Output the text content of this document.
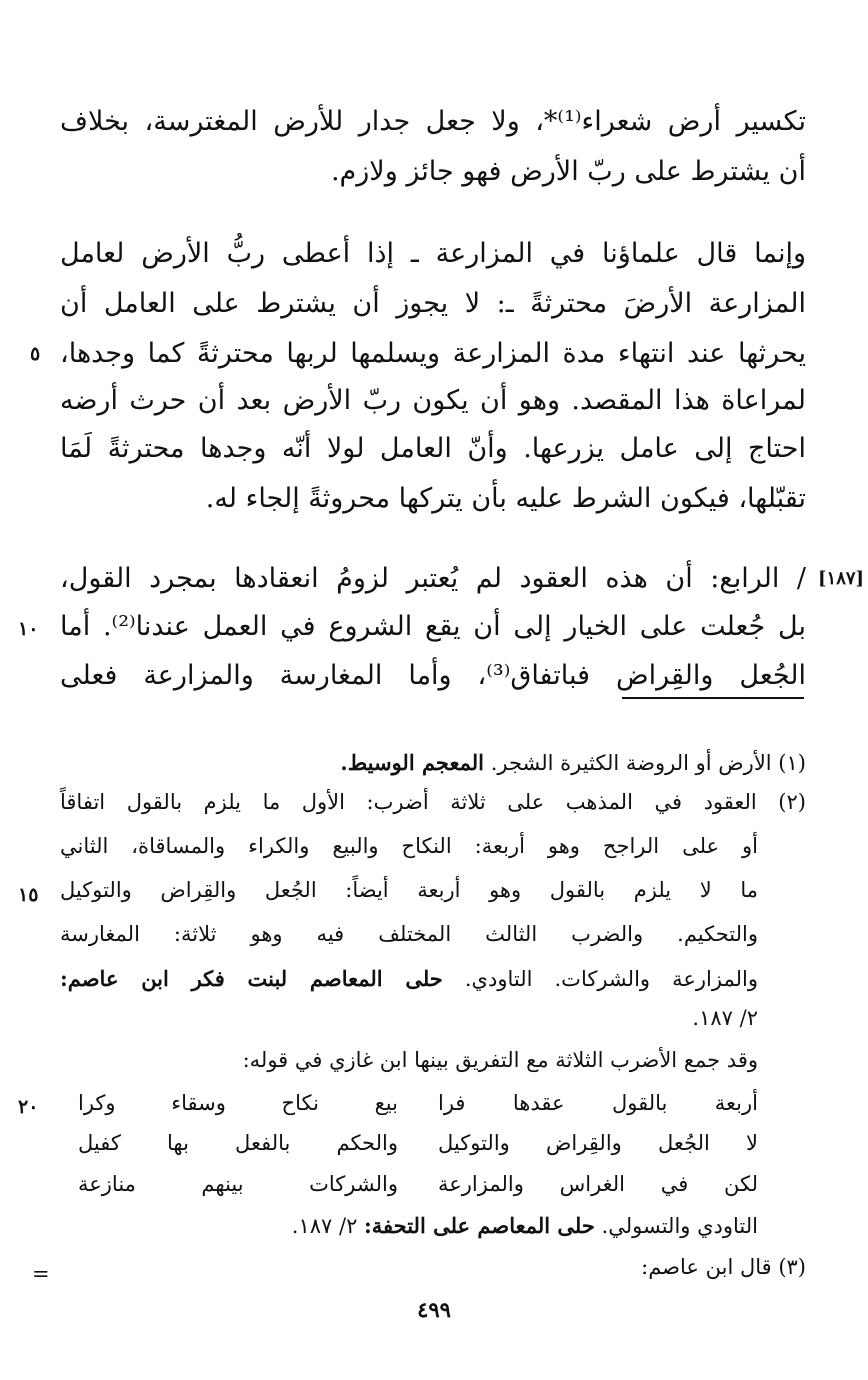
تكسير أرض شعراء⁽¹⁾*، ولا جعل جدار للأرض المغترسة، بخلاف
أن يشترط على ربّ الأرض فهو جائز ولازم.
وإنما قال علماؤنا في المزارعة ـ إذا أعطى ربُّ الأرض لعامل
المزارعة الأرضَ محترثةً ـ: لا يجوز أن يشترط على العامل أن
يحرثها عند انتهاء مدة المزارعة ويسلمها لربها محترثةً كما وجدها،
لمراعاة هذا المقصد. وهو أن يكون ربّ الأرض بعد أن حرث أرضه
احتاج إلى عامل يزرعها. وأنّ العامل لولا أنّه وجدها محترثةً لَمَا
تقبّلها، فيكون الشرط عليه بأن يتركها محروثةً إلجاء له.
/ الرابع: أن هذه العقود لم يُعتبر لزومُ انعقادها بمجرد القول،
بل جُعلت على الخيار إلى أن يقع الشروع في العمل عندنا⁽²⁾. أما
الجُعل والقِراض فباتفاق⁽³⁾، وأما المغارسة والمزارعة فعلى
٥
١٠
١٥
٢٠
[١٨٧]
(١) الأرض أو الروضة الكثيرة الشجر. المعجم الوسيط.
(٢) العقود في المذهب على ثلاثة أضرب: الأول ما يلزم بالقول اتفاقاً
أو على الراجح وهو أربعة: النكاح والبيع والكراء والمساقاة، الثاني
ما لا يلزم بالقول وهو أربعة أيضاً: الجُعل والقِراض والتوكيل
والتحكيم. والضرب الثالث المختلف فيه وهو ثلاثة: المغارسة
والمزارعة والشركات. التاودي. حلى المعاصم لبنت فكر ابن عاصم:
٢/ ١٨٧.
وقد جمع الأضرب الثلاثة مع التفريق بينها ابن غازي في قوله:
أربعة بالقول عقدها فرابيع نكاح وسقاء وكرا
لا الجُعل والقِراض والتوكيلوالحكم بالفعل بها كفيل
لكن في الغراس والمزارعةوالشركات بينهم منازعة
التاودي والتسولي. حلى المعاصم على التحفة: ٢/ ١٨٧.
(٣) قال ابن عاصم:
=
٤٩٩
